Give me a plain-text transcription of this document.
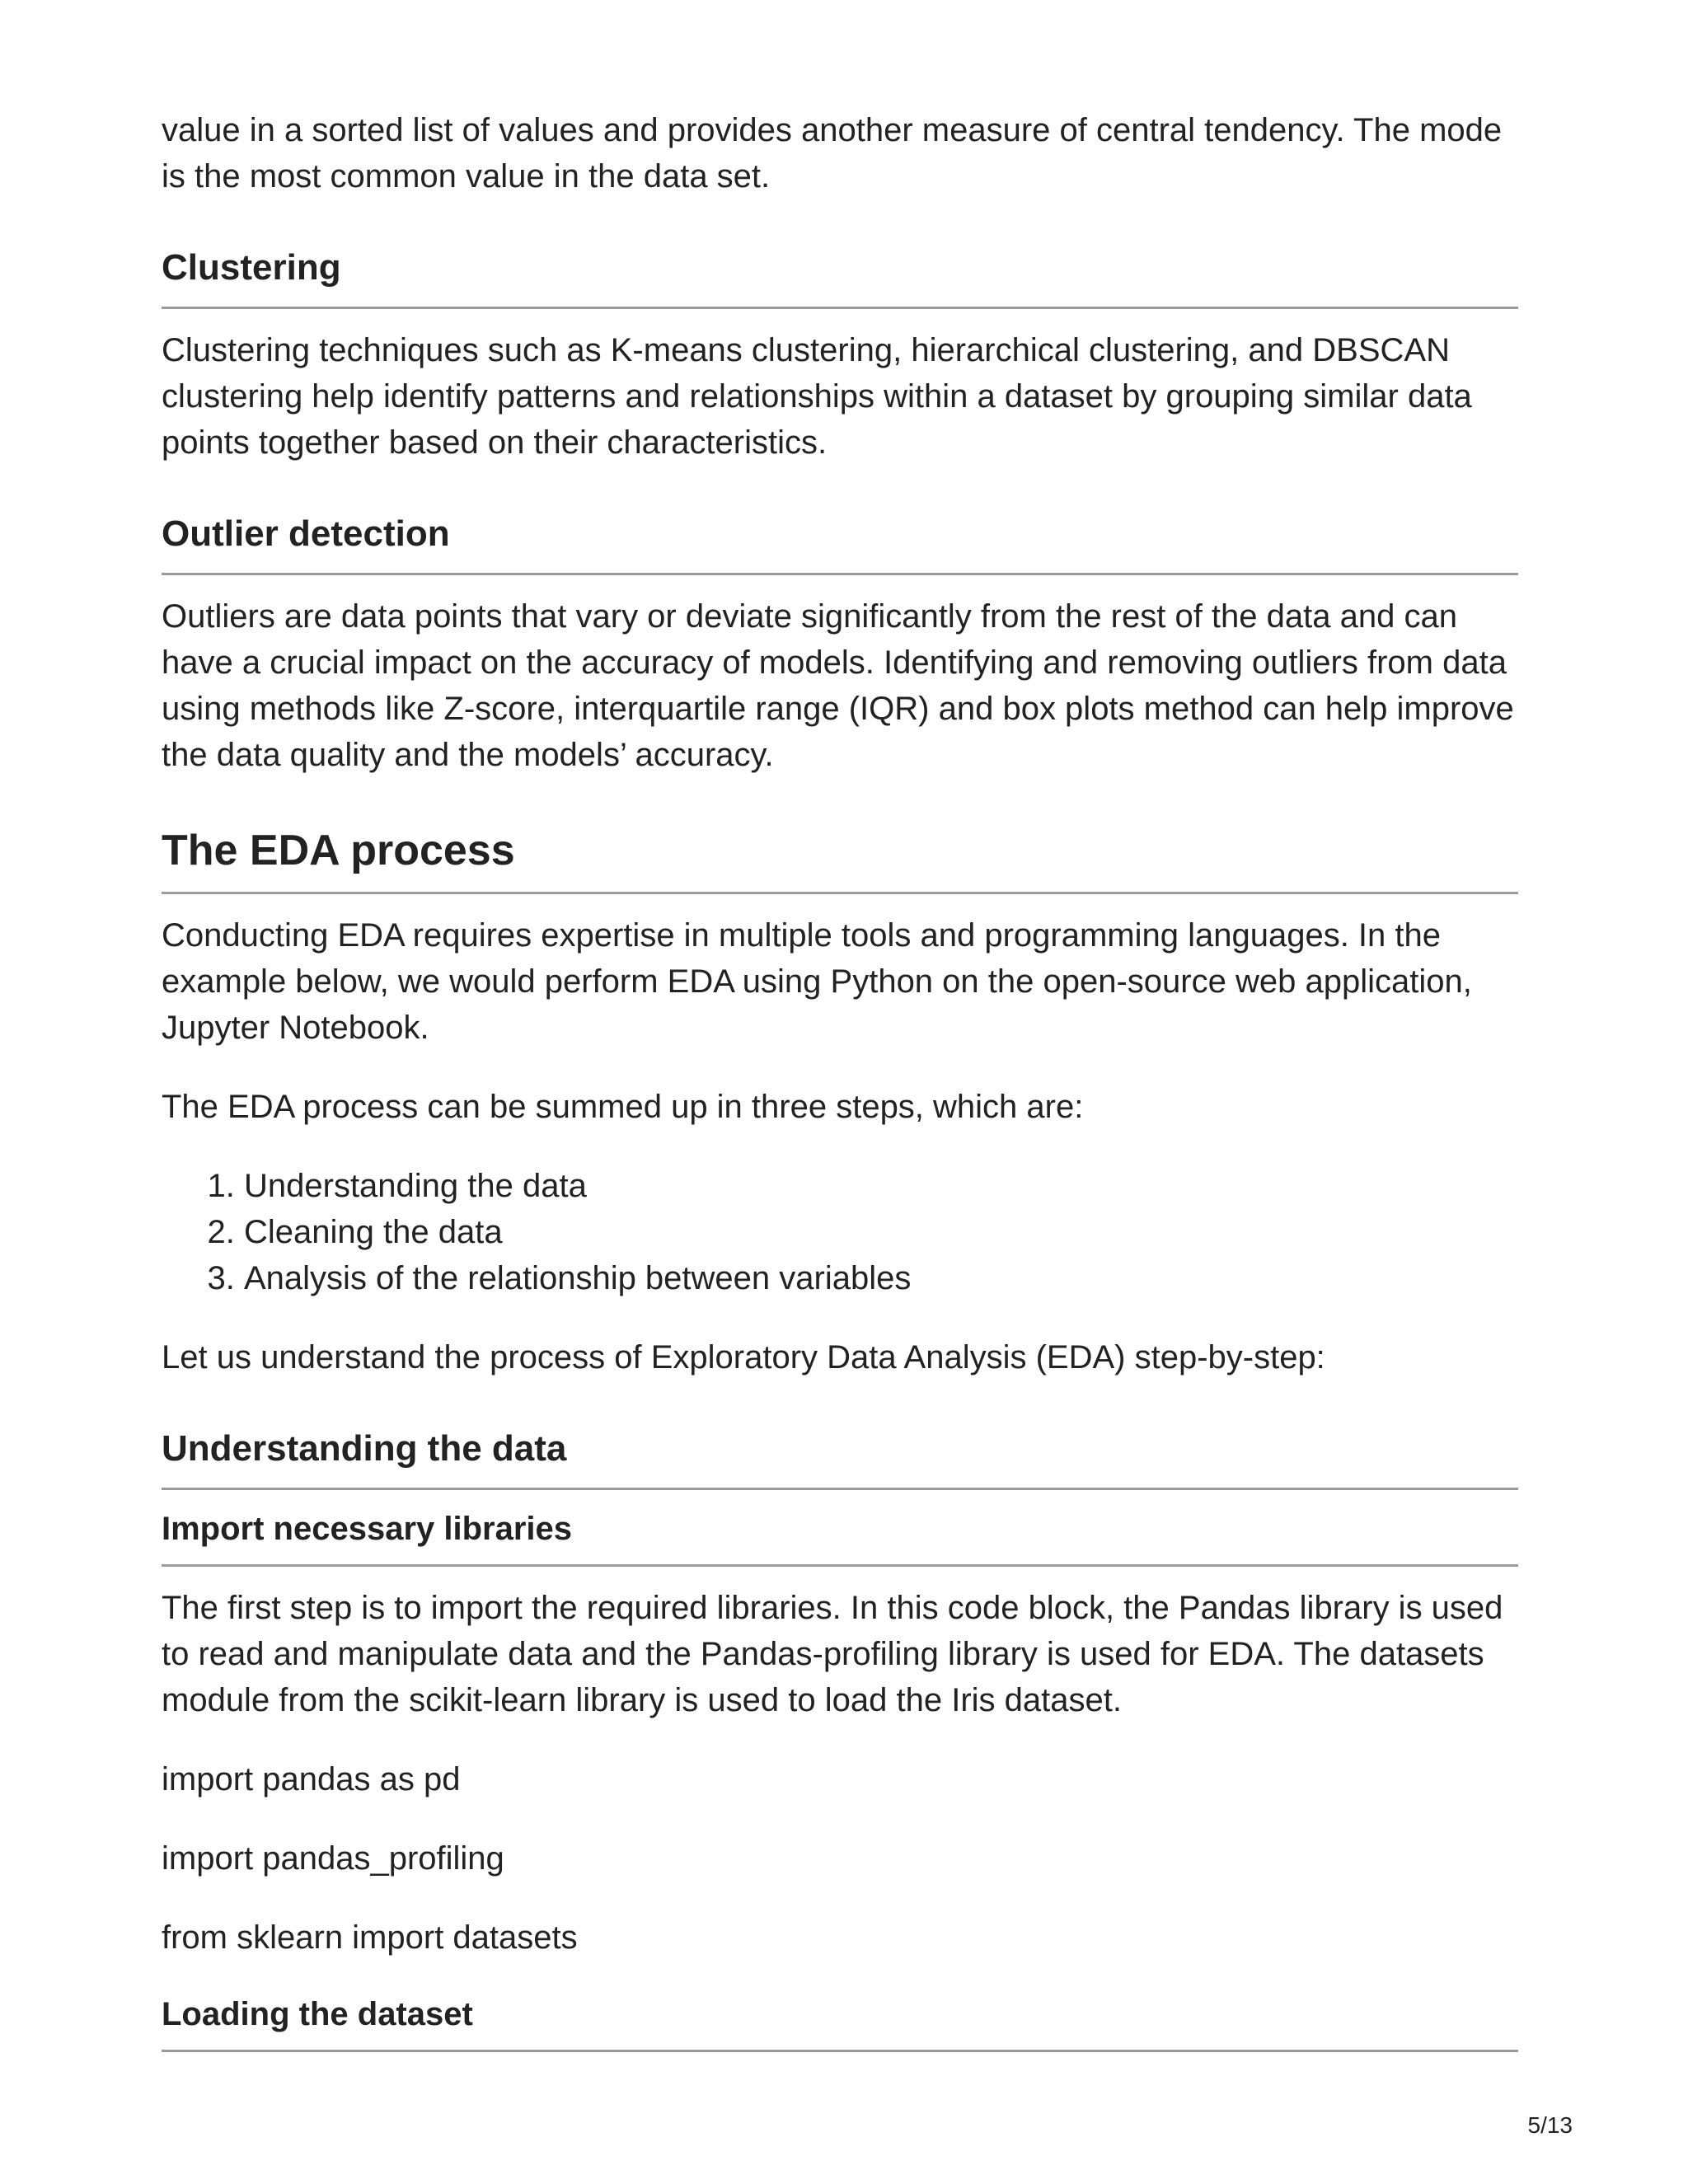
value in a sorted list of values and provides another measure of central tendency. The mode is the most common value in the data set.

Clustering

Clustering techniques such as K-means clustering, hierarchical clustering, and DBSCAN clustering help identify patterns and relationships within a dataset by grouping similar data points together based on their characteristics.

Outlier detection

Outliers are data points that vary or deviate significantly from the rest of the data and can have a crucial impact on the accuracy of models. Identifying and removing outliers from data using methods like Z-score, interquartile range (IQR) and box plots method can help improve the data quality and the models’ accuracy.

The EDA process

Conducting EDA requires expertise in multiple tools and programming languages. In the example below, we would perform EDA using Python on the open-source web application, Jupyter Notebook.

The EDA process can be summed up in three steps, which are:

1. Understanding the data
2. Cleaning the data
3. Analysis of the relationship between variables

Let us understand the process of Exploratory Data Analysis (EDA) step-by-step:

Understanding the data
Import necessary libraries

The first step is to import the required libraries. In this code block, the Pandas library is used to read and manipulate data and the Pandas-profiling library is used for EDA. The datasets module from the scikit-learn library is used to load the Iris dataset.

import pandas as pd

import pandas_profiling

from sklearn import datasets

Loading the dataset
5/13
